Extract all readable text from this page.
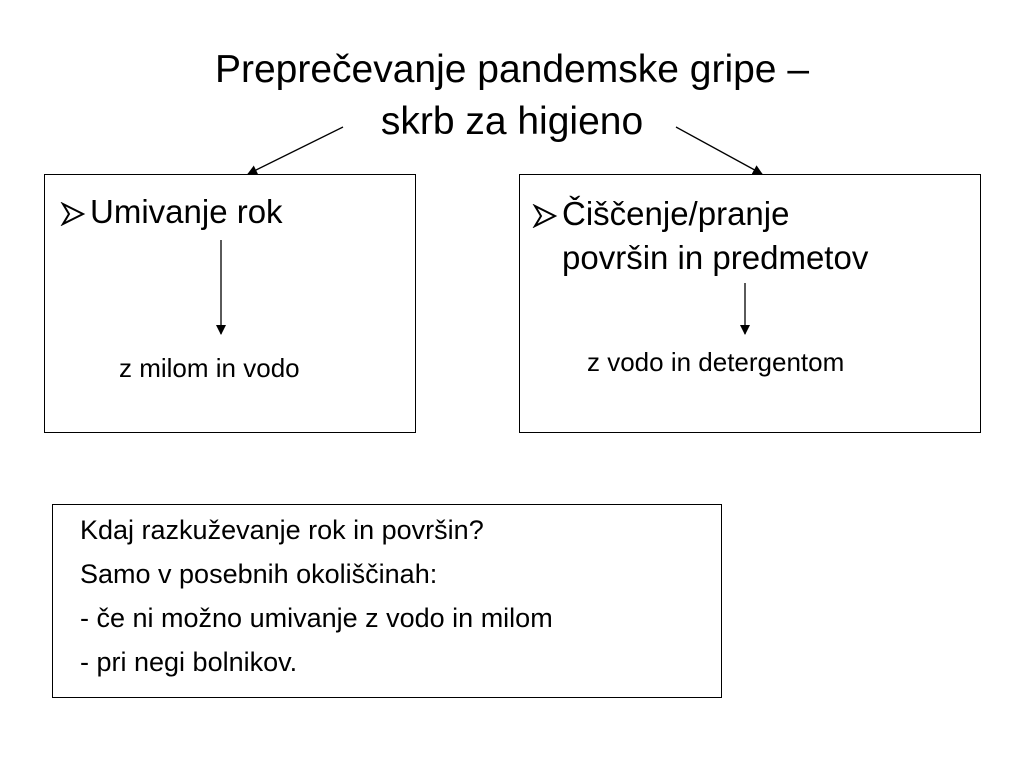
Preprečevanje pandemske gripe –
skrb za higieno
Umivanje rok	Čiščenje/pranje
površin in predmetov
z milom in vodo	z vodo in detergentom
Kdaj razkuževanje rok in površin?
Samo v posebnih okoliščinah:
- če ni možno umivanje z vodo in milom
- pri negi bolnikov.
